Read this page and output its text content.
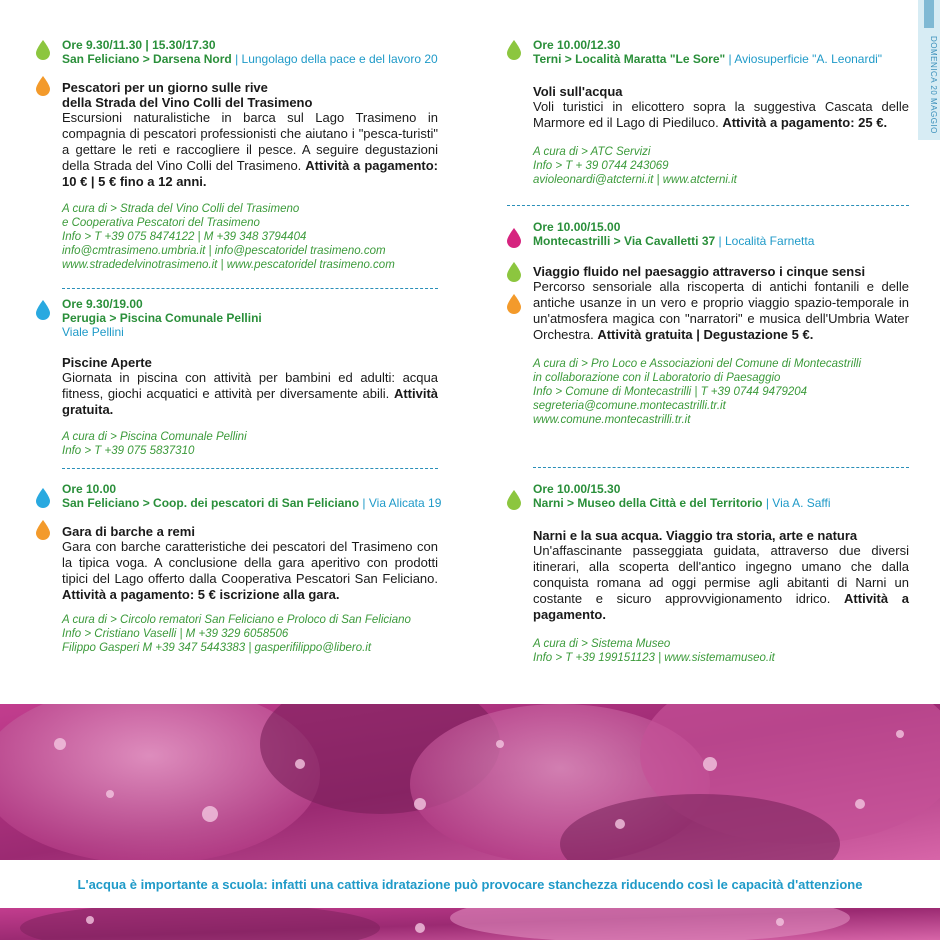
DOMENICA 20 MAGGIO
Ore 9.30/11.30 | 15.30/17.30
San Feliciano > Darsena Nord | Lungolago della pace e del lavoro 20
Pescatori per un giorno sulle rive
della Strada del Vino Colli del Trasimeno
Escursioni naturalistiche in barca sul Lago Trasimeno in compagnia di pescatori professionisti che aiutano i "pesca-turisti" a gettare le reti e raccogliere il pesce. A seguire degustazioni della Strada del Vino Colli del Trasimeno. Attività a pagamento: 10 € | 5 € fino a 12 anni.
A cura di > Strada del Vino Colli del Trasimeno
e Cooperativa Pescatori del Trasimeno
Info > T +39 075 8474122 | M +39 348 3794404
info@cmtrasimeno.umbria.it | info@pescatoridel trasimeno.com
www.stradedelvinotrasimeno.it | www.pescatoridel trasimeno.com
Ore 9.30/19.00
Perugia > Piscina Comunale Pellini
Viale Pellini
Piscine Aperte
Giornata in piscina con attività per bambini ed adulti: acqua fitness, giochi acquatici e attività per diversamente abili. Attività gratuita.
A cura di > Piscina Comunale Pellini
Info > T +39 075 5837310
Ore 10.00
San Feliciano > Coop. dei pescatori di San Feliciano | Via Alicata 19
Gara di barche a remi
Gara con barche caratteristiche dei pescatori del Trasimeno con la tipica voga. A conclusione della gara aperitivo con prodotti tipici del Lago offerto dalla Cooperativa Pescatori San Feliciano. Attività a pagamento: 5 € iscrizione alla gara.
A cura di > Circolo rematori San Feliciano e Proloco di San Feliciano
Info > Cristiano Vaselli | M +39 329 6058506
Filippo Gasperi M +39 347 5443383 | gasperifilippo@libero.it
Ore 10.00/12.30
Terni > Località Maratta "Le Sore" | Aviosuperficie "A. Leonardi"
Voli sull'acqua
Voli turistici in elicottero sopra la suggestiva Cascata delle Marmore ed il Lago di Piediluco. Attività a pagamento: 25 €.
A cura di > ATC Servizi
Info > T + 39 0744 243069
avioleonardi@atcterni.it | www.atcterni.it
Ore 10.00/15.00
Montecastrilli > Via Cavalletti 37 | Località Farnetta
Viaggio fluido nel paesaggio attraverso i cinque sensi
Percorso sensoriale alla riscoperta di antichi fontanili e delle antiche usanze in un vero e proprio viaggio spazio-temporale in un'atmosfera magica con "narratori" e musica dell'Umbria Water Orchestra. Attività gratuita | Degustazione 5 €.
A cura di > Pro Loco e Associazioni del Comune di Montecastrilli
in collaborazione con il Laboratorio di Paesaggio
Info > Comune di Montecastrilli | T +39 0744 9479204
segreteria@comune.montecastrilli.tr.it
www.comune.montecastrilli.tr.it
Ore 10.00/15.30
Narni > Museo della Città e del Territorio | Via A. Saffi
Narni e la sua acqua. Viaggio tra storia, arte e natura
Un'affascinante passeggiata guidata, attraverso due diversi itinerari, alla scoperta dell'antico ingegno umano che dalla conquista romana ad oggi permise agli abitanti di Narni un costante e sicuro approvvigionamento idrico. Attività a pagamento.
A cura di > Sistema Museo
Info > T +39 199151123 | www.sistemamuseo.it
L'acqua è importante a scuola: infatti una cattiva idratazione può provocare stanchezza riducendo così le capacità d'attenzione
